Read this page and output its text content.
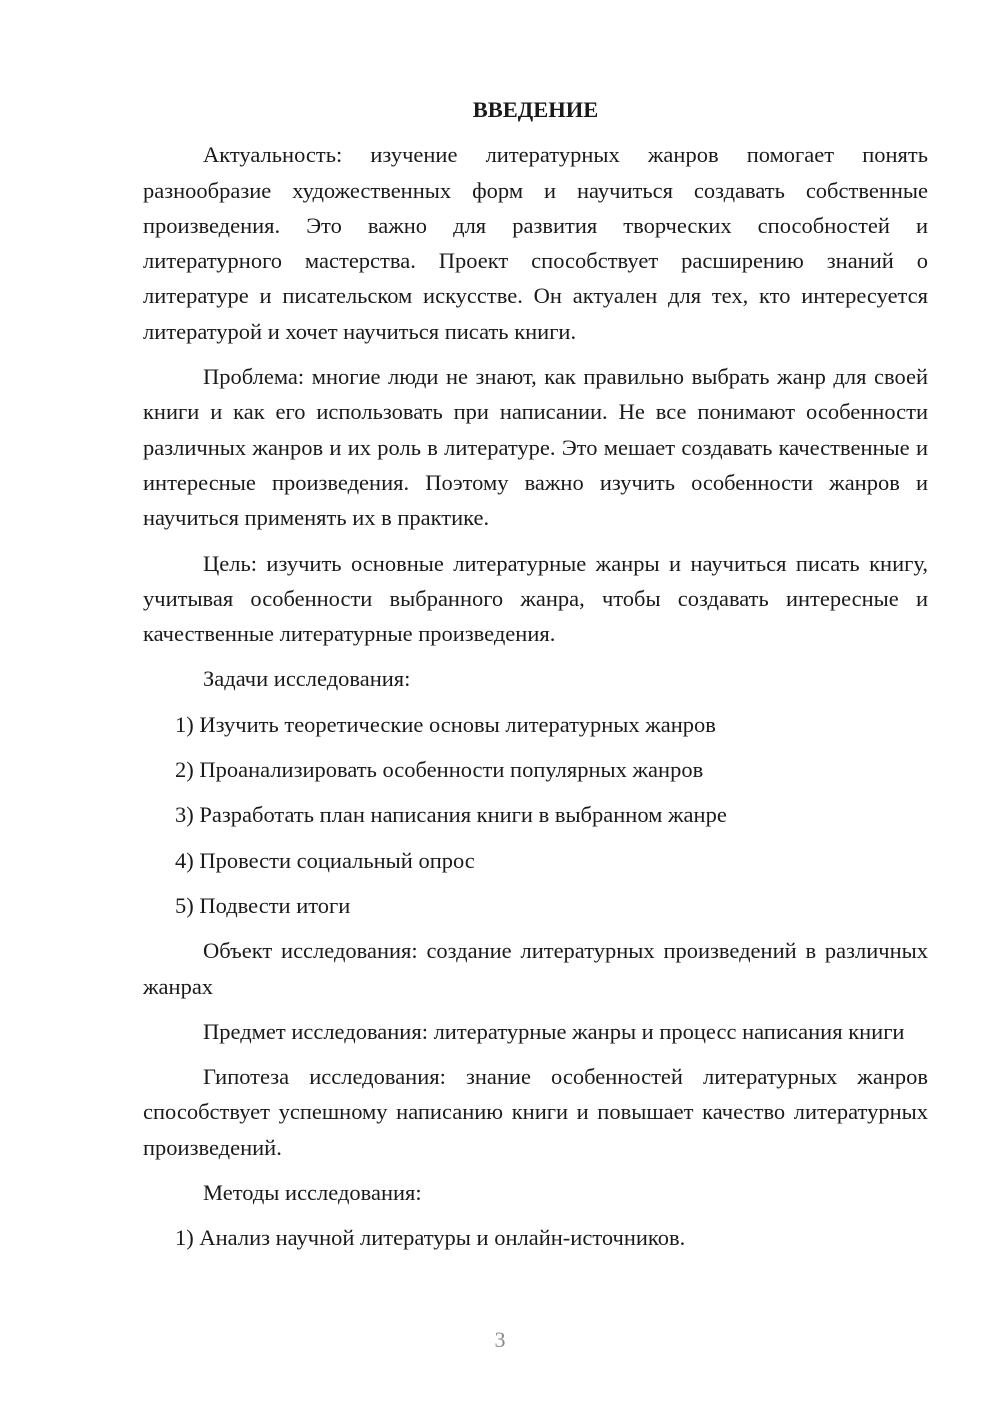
ВВЕДЕНИЕ

Актуальность: изучение литературных жанров помогает понять разнообразие художественных форм и научиться создавать собственные произведения. Это важно для развития творческих способностей и литературного мастерства. Проект способствует расширению знаний о литературе и писательском искусстве. Он актуален для тех, кто интересуется литературой и хочет научиться писать книги.

Проблема: многие люди не знают, как правильно выбрать жанр для своей книги и как его использовать при написании. Не все понимают особенности различных жанров и их роль в литературе. Это мешает создавать качественные и интересные произведения. Поэтому важно изучить особенности жанров и научиться применять их в практике.

Цель: изучить основные литературные жанры и научиться писать книгу, учитывая особенности выбранного жанра, чтобы создавать интересные и качественные литературные произведения.

Задачи исследования:

1) Изучить теоретические основы литературных жанров

2) Проанализировать особенности популярных жанров

3) Разработать план написания книги в выбранном жанре

4) Провести социальный опрос

5) Подвести итоги

Объект исследования: создание литературных произведений в различных жанрах

Предмет исследования: литературные жанры и процесс написания книги

Гипотеза исследования: знание особенностей литературных жанров способствует успешному написанию книги и повышает качество литературных произведений.

Методы исследования:

1) Анализ научной литературы и онлайн-источников.

3
